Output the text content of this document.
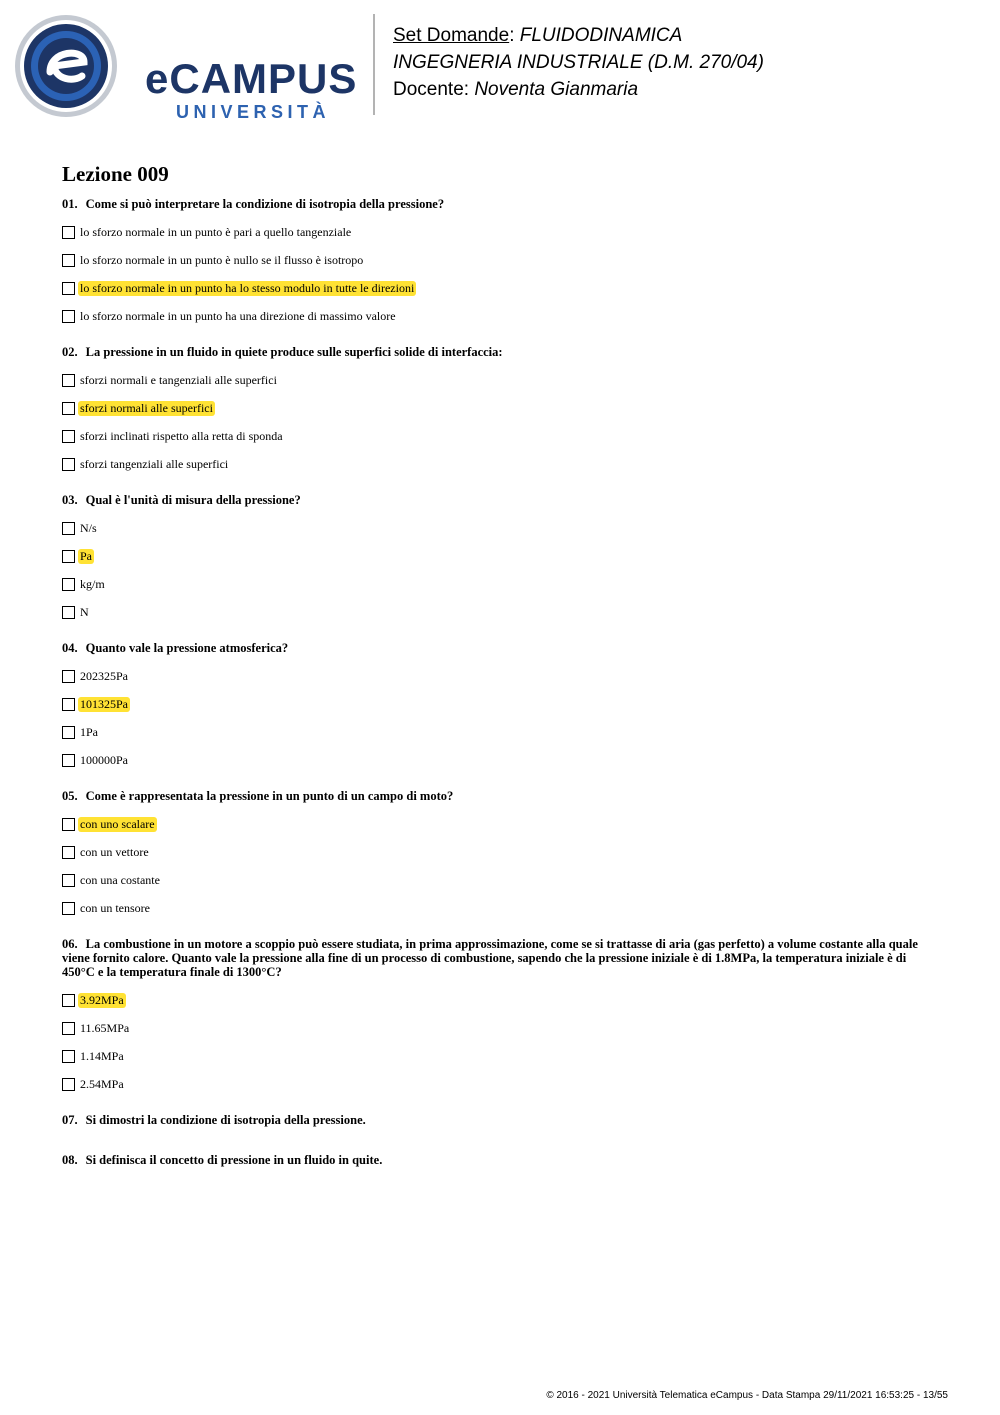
eCAMPUS
UNIVERSITÀ
Set Domande: FLUIDODINAMICA
INGEGNERIA INDUSTRIALE (D.M. 270/04)
Docente: Noventa Gianmaria
Lezione 009
01. Come si può interpretare la condizione di isotropia della pressione?
lo sforzo normale in un punto è pari a quello tangenziale
lo sforzo normale in un punto è nullo se il flusso è isotropo
lo sforzo normale in un punto ha lo stesso modulo in tutte le direzioni
lo sforzo normale in un punto ha una direzione di massimo valore
02. La pressione in un fluido in quiete produce sulle superfici solide di interfaccia:
sforzi normali e tangenziali alle superfici
sforzi normali alle superfici
sforzi inclinati rispetto alla retta di sponda
sforzi tangenziali alle superfici
03. Qual è l'unità di misura della pressione?
N/s
Pa
kg/m
N
04. Quanto vale la pressione atmosferica?
202325Pa
101325Pa
1Pa
100000Pa
05. Come è rappresentata la pressione in un punto di un campo di moto?
con uno scalare
con un vettore
con una costante
con un tensore
06. La combustione in un motore a scoppio può essere studiata, in prima approssimazione, come se si trattasse di aria (gas perfetto) a volume costante alla quale viene fornito calore. Quanto vale la pressione alla fine di un processo di combustione, sapendo che la pressione iniziale è di 1.8MPa, la temperatura iniziale è di 450°C e la temperatura finale di 1300°C?
3.92MPa
11.65MPa
1.14MPa
2.54MPa
07. Si dimostri la condizione di isotropia della pressione.
08. Si definisca il concetto di pressione in un fluido in quite.
© 2016 - 2021 Università Telematica eCampus - Data Stampa 29/11/2021 16:53:25 - 13/55
